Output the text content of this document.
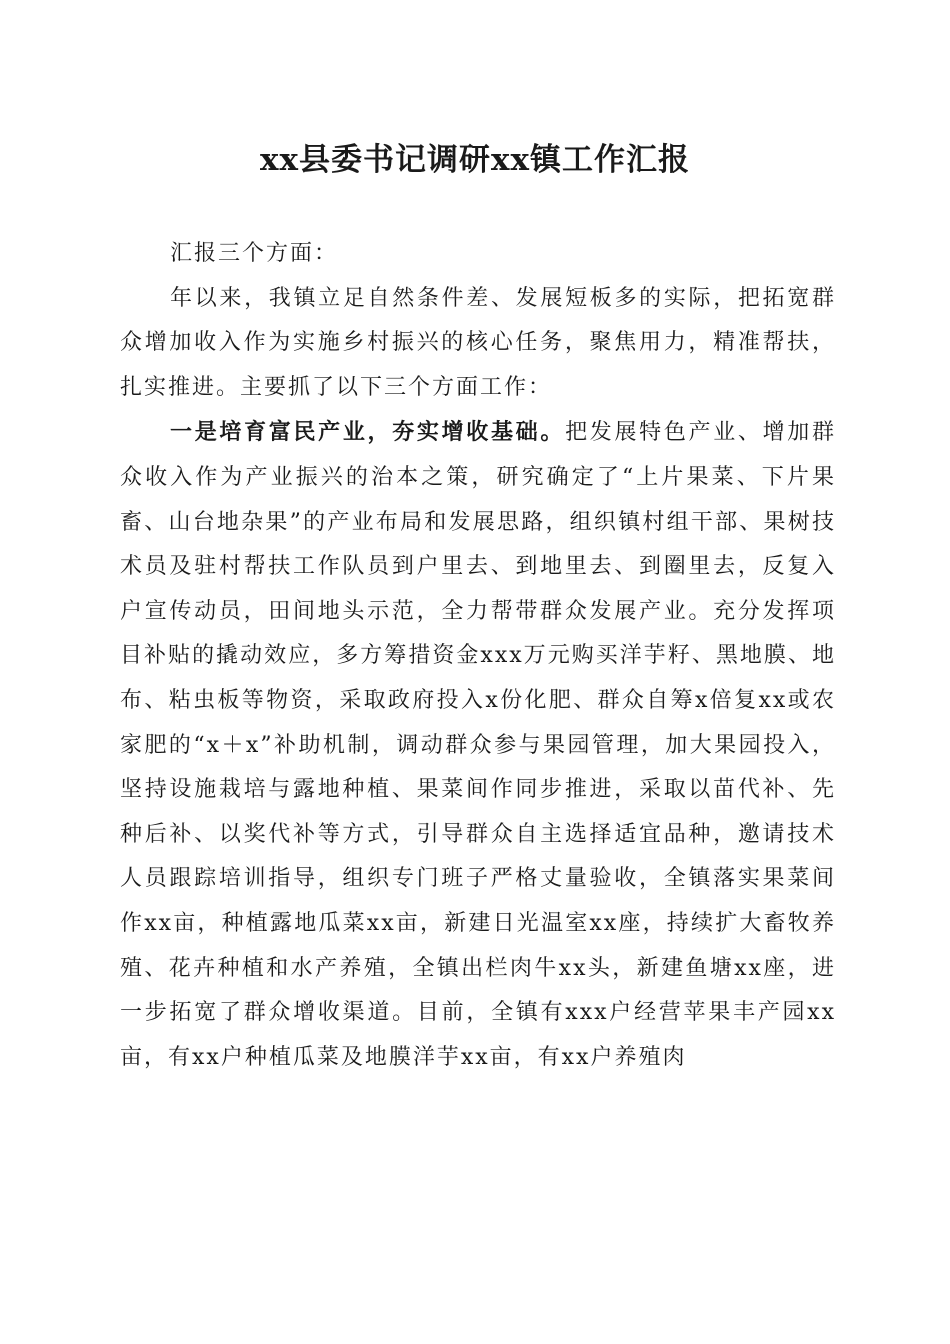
xx县委书记调研xx镇工作汇报

汇报三个方面：

年以来，我镇立足自然条件差、发展短板多的实际，把拓宽群众增加收入作为实施乡村振兴的核心任务，聚焦用力，精准帮扶，扎实推进。主要抓了以下三个方面工作：

一是培育富民产业，夯实增收基础。把发展特色产业、增加群众收入作为产业振兴的治本之策，研究确定了“上片果菜、下片果畜、山台地杂果”的产业布局和发展思路，组织镇村组干部、果树技术员及驻村帮扶工作队员到户里去、到地里去、到圈里去，反复入户宣传动员，田间地头示范，全力帮带群众发展产业。充分发挥项目补贴的撬动效应，多方筹措资金xxx万元购买洋芋籽、黑地膜、地布、粘虫板等物资，采取政府投入x份化肥、群众自筹x倍复xx或农家肥的“x＋x”补助机制，调动群众参与果园管理，加大果园投入，坚持设施栽培与露地种植、果菜间作同步推进，采取以苗代补、先种后补、以奖代补等方式，引导群众自主选择适宜品种，邀请技术人员跟踪培训指导，组织专门班子严格丈量验收，全镇落实果菜间作xx亩，种植露地瓜菜xx亩，新建日光温室xx座，持续扩大畜牧养殖、花卉种植和水产养殖，全镇出栏肉牛xx头，新建鱼塘xx座，进一步拓宽了群众增收渠道。目前，全镇有xxx户经营苹果丰产园xx亩，有xx户种植瓜菜及地膜洋芋xx亩，有xx户养殖肉
